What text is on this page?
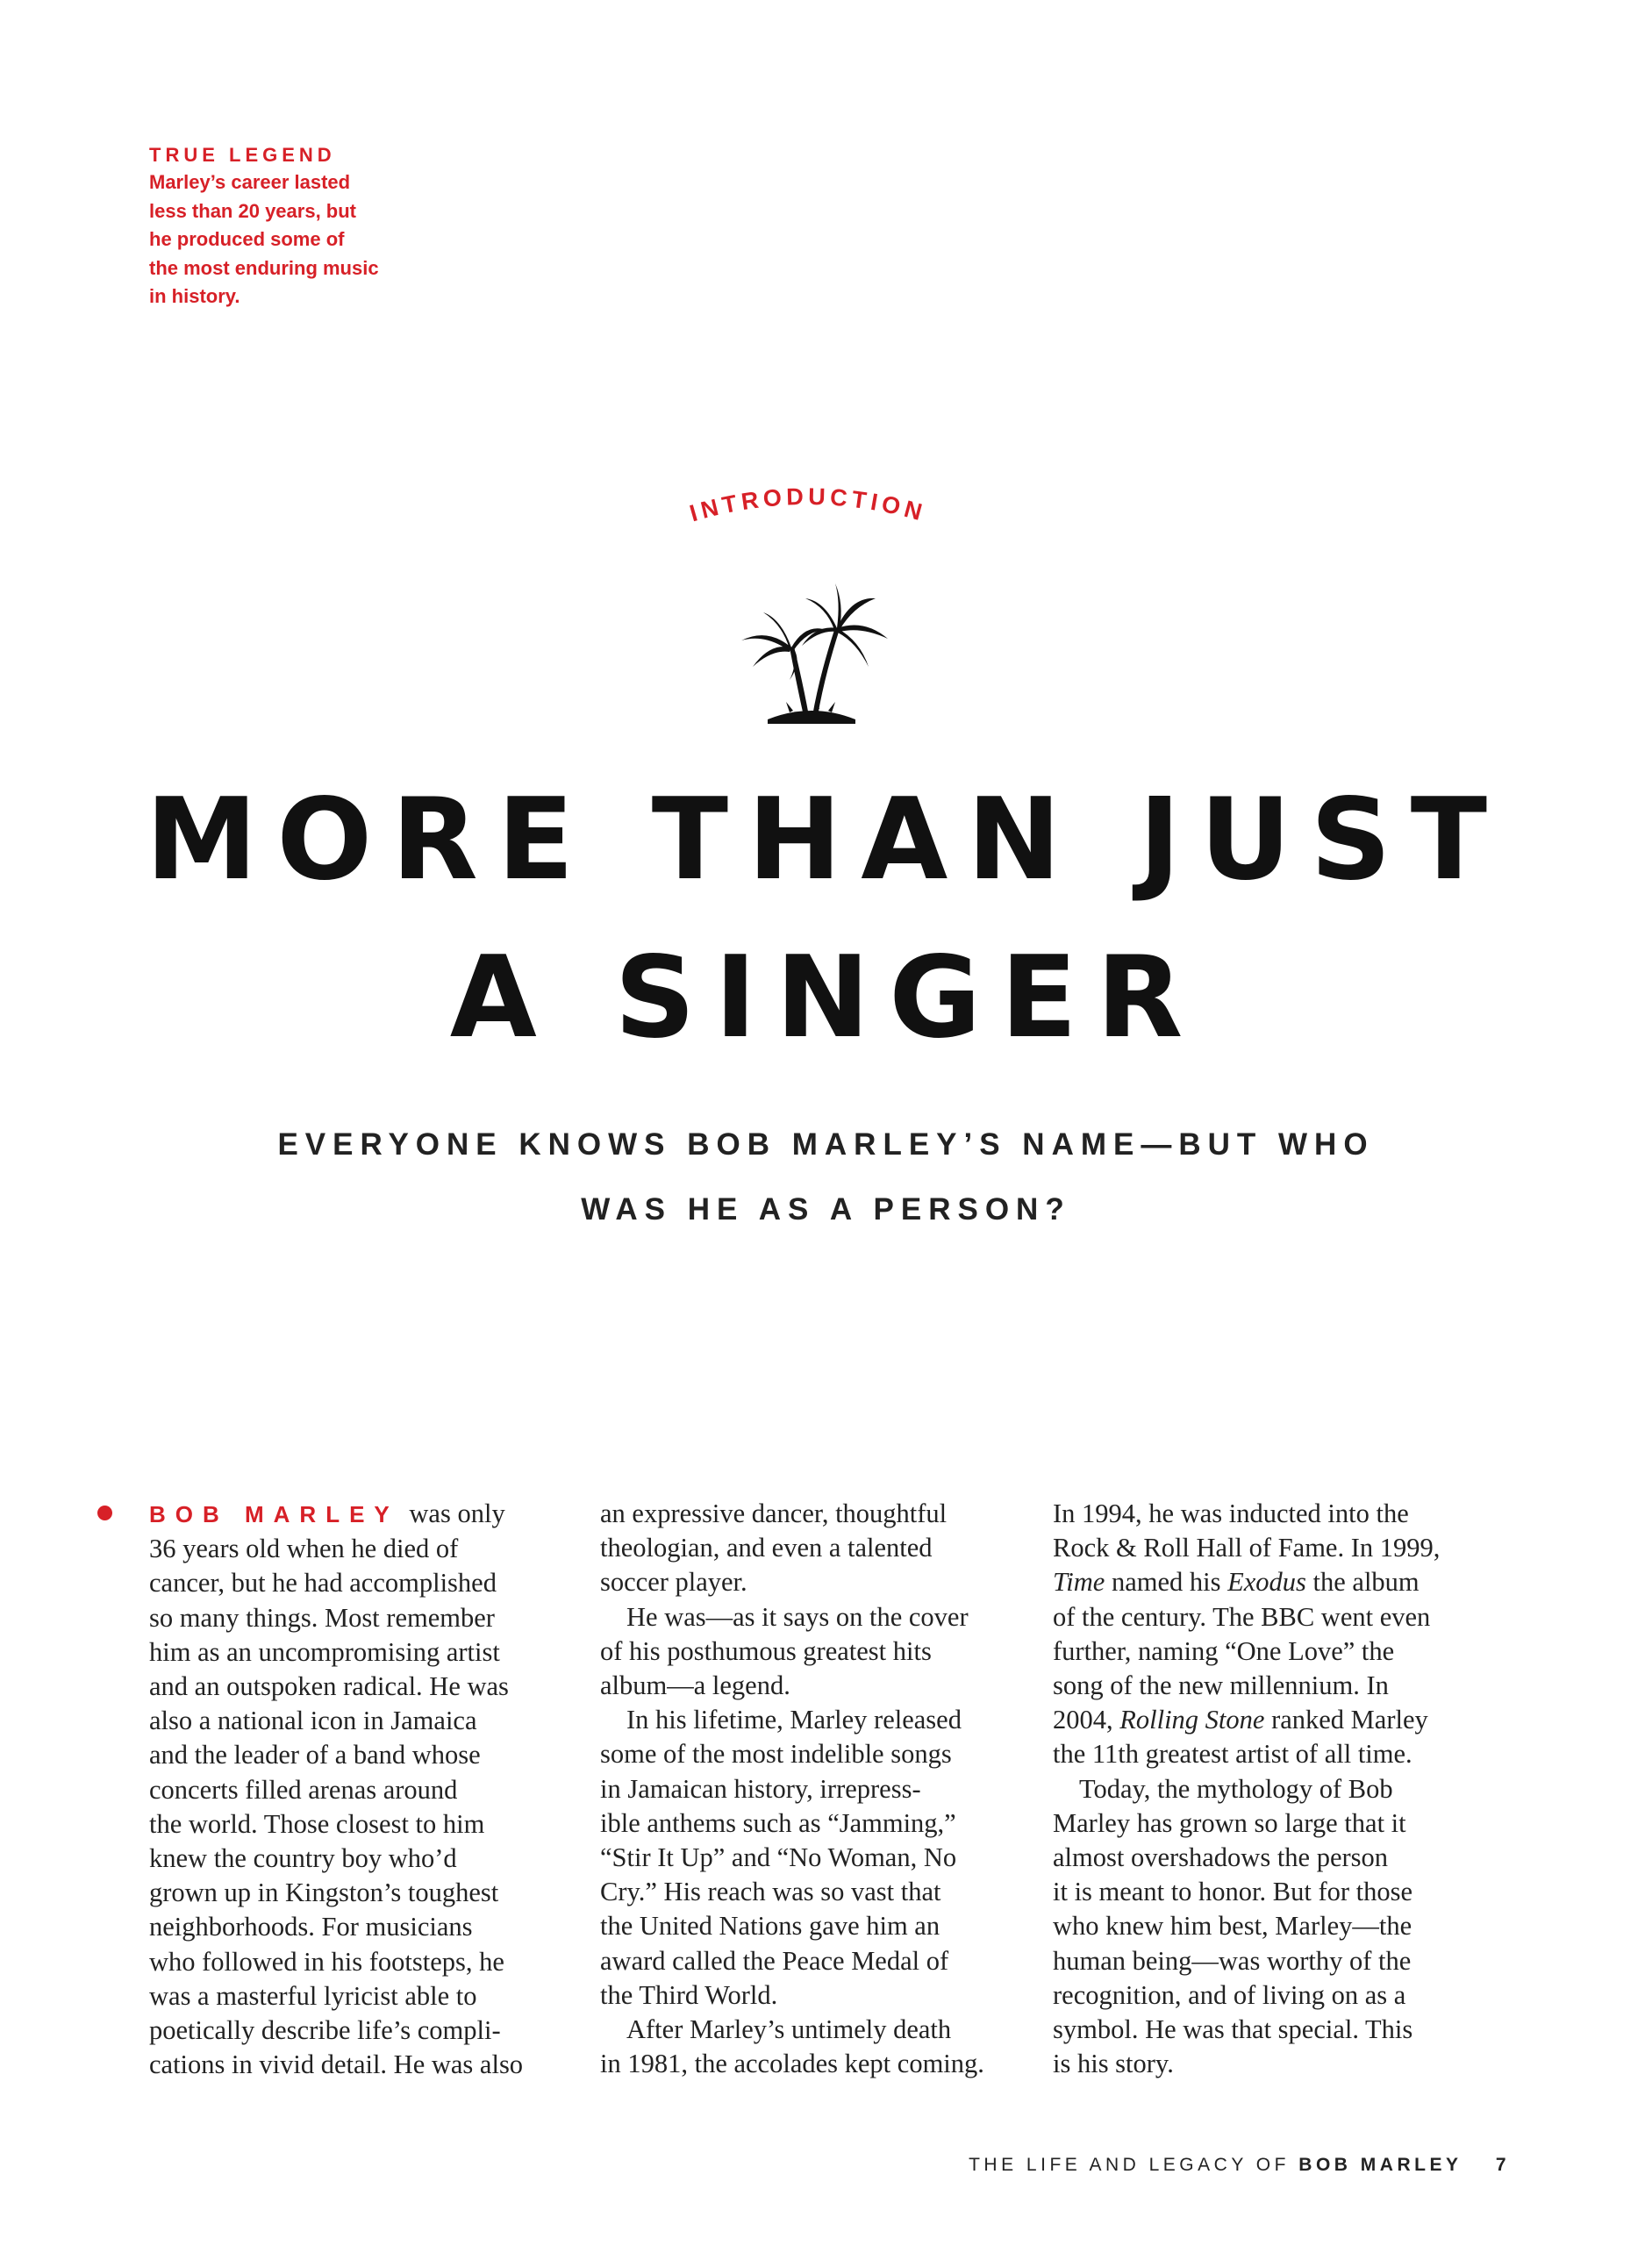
TRUE LEGEND
Marley’s career lasted
less than 20 years, but
he produced some of
the most enduring music
in history.
INTRODUCTION
MORE THAN JUST
A SINGER
EVERYONE KNOWS BOB MARLEY’S NAME—BUT WHO
WAS HE AS A PERSON?
BOB MARLEY was only
36 years old when he died of
cancer, but he had accomplished
so many things. Most remember
him as an uncompromising artist
and an outspoken radical. He was
also a national icon in Jamaica
and the leader of a band whose
concerts filled arenas around
the world. Those closest to him
knew the country boy who’d
grown up in Kingston’s toughest
neighborhoods. For musicians
who followed in his footsteps, he
was a masterful lyricist able to
poetically describe life’s compli-
cations in vivid detail. He was also
an expressive dancer, thoughtful
theologian, and even a talented
soccer player.
He was—as it says on the cover
of his posthumous greatest hits
album—a legend.
In his lifetime, Marley released
some of the most indelible songs
in Jamaican history, irrepress-
ible anthems such as “Jamming,”
“Stir It Up” and “No Woman, No
Cry.” His reach was so vast that
the United Nations gave him an
award called the Peace Medal of
the Third World.
After Marley’s untimely death
in 1981, the accolades kept coming.
In 1994, he was inducted into the
Rock & Roll Hall of Fame. In 1999,
Time named his Exodus the album
of the century. The BBC went even
further, naming “One Love” the
song of the new millennium. In
2004, Rolling Stone ranked Marley
the 11th greatest artist of all time.
Today, the mythology of Bob
Marley has grown so large that it
almost overshadows the person
it is meant to honor. But for those
who knew him best, Marley—the
human being—was worthy of the
recognition, and of living on as a
symbol. He was that special. This
is his story.
THE LIFE AND LEGACY OF BOB MARLEY 7
